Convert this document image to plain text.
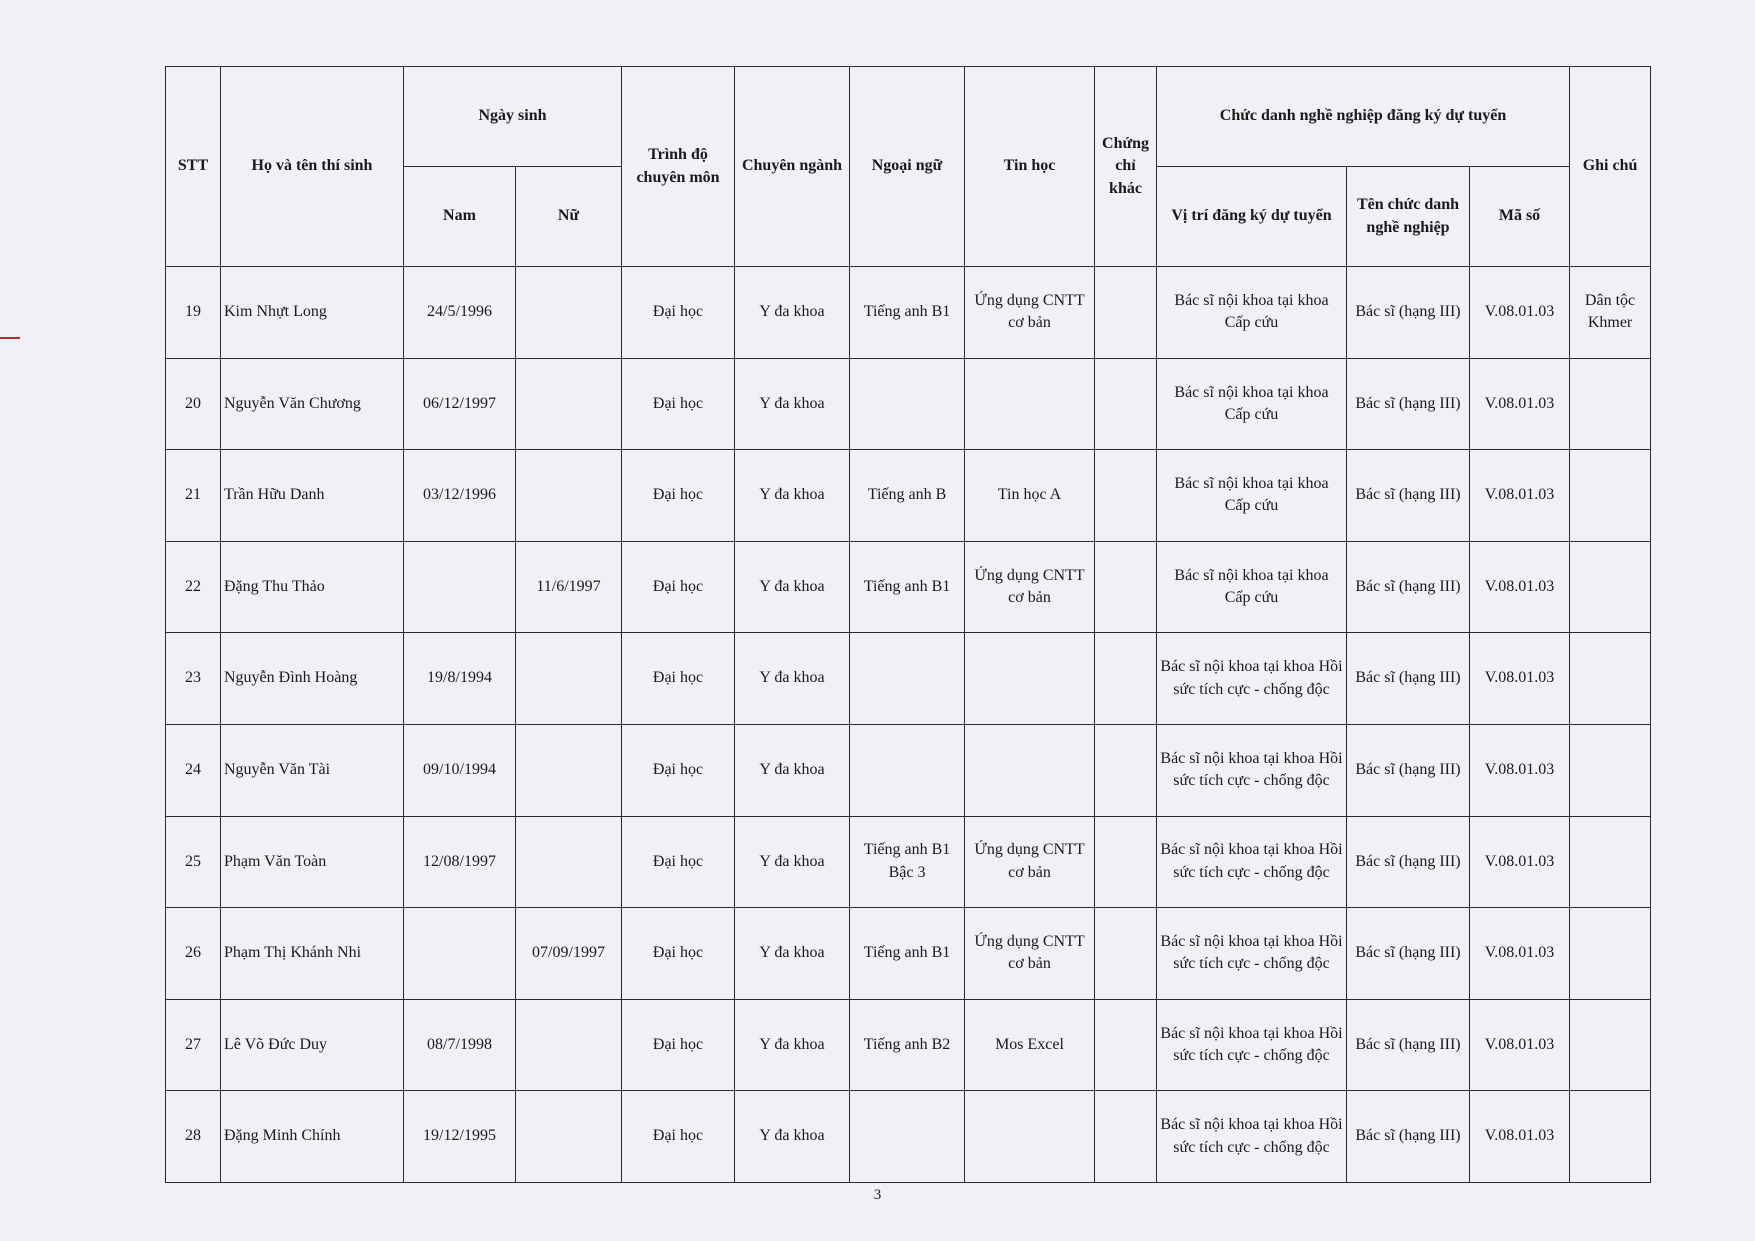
STT	Họ và tên thí sinh	Ngày sinh		Trình độ chuyên môn	Chuyên ngành	Ngoại ngữ	Tin học	Chứng chỉ khác	Chức danh nghề nghiệp đăng ký dự tuyển			Ghi chú
		Nam	Nữ						Vị trí đăng ký dự tuyển	Tên chức danh nghề nghiệp	Mã số	
19	Kim Nhựt Long	24/5/1996		Đại học	Y đa khoa	Tiếng anh B1	Ứng dụng CNTT cơ bản		Bác sĩ nội khoa tại khoa Cấp cứu	Bác sĩ (hạng III)	V.08.01.03	Dân tộc Khmer
20	Nguyễn Văn Chương	06/12/1997		Đại học	Y đa khoa				Bác sĩ nội khoa tại khoa Cấp cứu	Bác sĩ (hạng III)	V.08.01.03	
21	Trần Hữu Danh	03/12/1996		Đại học	Y đa khoa	Tiếng anh B	Tin học A		Bác sĩ nội khoa tại khoa Cấp cứu	Bác sĩ (hạng III)	V.08.01.03	
22	Đặng Thu Thảo		11/6/1997	Đại học	Y đa khoa	Tiếng anh B1	Ứng dụng CNTT cơ bản		Bác sĩ nội khoa tại khoa Cấp cứu	Bác sĩ (hạng III)	V.08.01.03	
23	Nguyễn Đình Hoàng	19/8/1994		Đại học	Y đa khoa				Bác sĩ nội khoa tại khoa Hồi sức tích cực - chống độc	Bác sĩ (hạng III)	V.08.01.03	
24	Nguyễn Văn Tài	09/10/1994		Đại học	Y đa khoa				Bác sĩ nội khoa tại khoa Hồi sức tích cực - chống độc	Bác sĩ (hạng III)	V.08.01.03	
25	Phạm Văn Toàn	12/08/1997		Đại học	Y đa khoa	Tiếng anh B1 Bậc 3	Ứng dụng CNTT cơ bản		Bác sĩ nội khoa tại khoa Hồi sức tích cực - chống độc	Bác sĩ (hạng III)	V.08.01.03	
26	Phạm Thị Khánh Nhi		07/09/1997	Đại học	Y đa khoa	Tiếng anh B1	Ứng dụng CNTT cơ bản		Bác sĩ nội khoa tại khoa Hồi sức tích cực - chống độc	Bác sĩ (hạng III)	V.08.01.03	
27	Lê Võ Đức Duy	08/7/1998		Đại học	Y đa khoa	Tiếng anh B2	Mos Excel		Bác sĩ nội khoa tại khoa Hồi sức tích cực - chống độc	Bác sĩ (hạng III)	V.08.01.03	
28	Đặng Minh Chính	19/12/1995		Đại học	Y đa khoa				Bác sĩ nội khoa tại khoa Hồi sức tích cực - chống độc	Bác sĩ (hạng III)	V.08.01.03	
3
